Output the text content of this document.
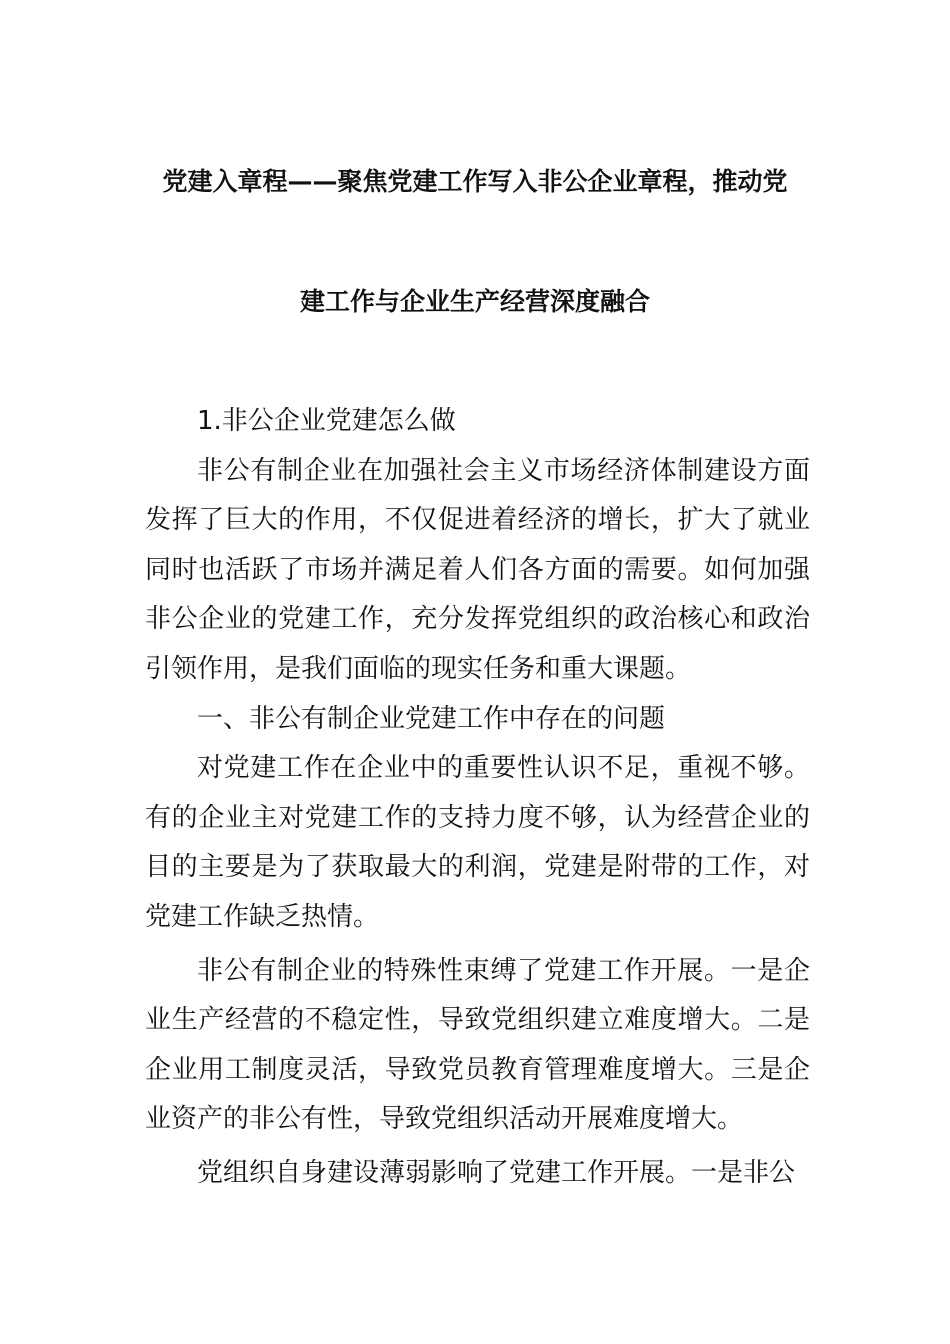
党建入章程——聚焦党建工作写入非公企业章程，推动党
建工作与企业生产经营深度融合

1.非公企业党建怎么做

非公有制企业在加强社会主义市场经济体制建设方面发挥了巨大的作用，不仅促进着经济的增长，扩大了就业同时也活跃了市场并满足着人们各方面的需要。如何加强非公企业的党建工作，充分发挥党组织的政治核心和政治引领作用，是我们面临的现实任务和重大课题。

一、非公有制企业党建工作中存在的问题

对党建工作在企业中的重要性认识不足，重视不够。有的企业主对党建工作的支持力度不够，认为经营企业的目的主要是为了获取最大的利润，党建是附带的工作，对党建工作缺乏热情。

非公有制企业的特殊性束缚了党建工作开展。一是企业生产经营的不稳定性，导致党组织建立难度增大。二是企业用工制度灵活，导致党员教育管理难度增大。三是企业资产的非公有性，导致党组织活动开展难度增大。

党组织自身建设薄弱影响了党建工作开展。一是非公
